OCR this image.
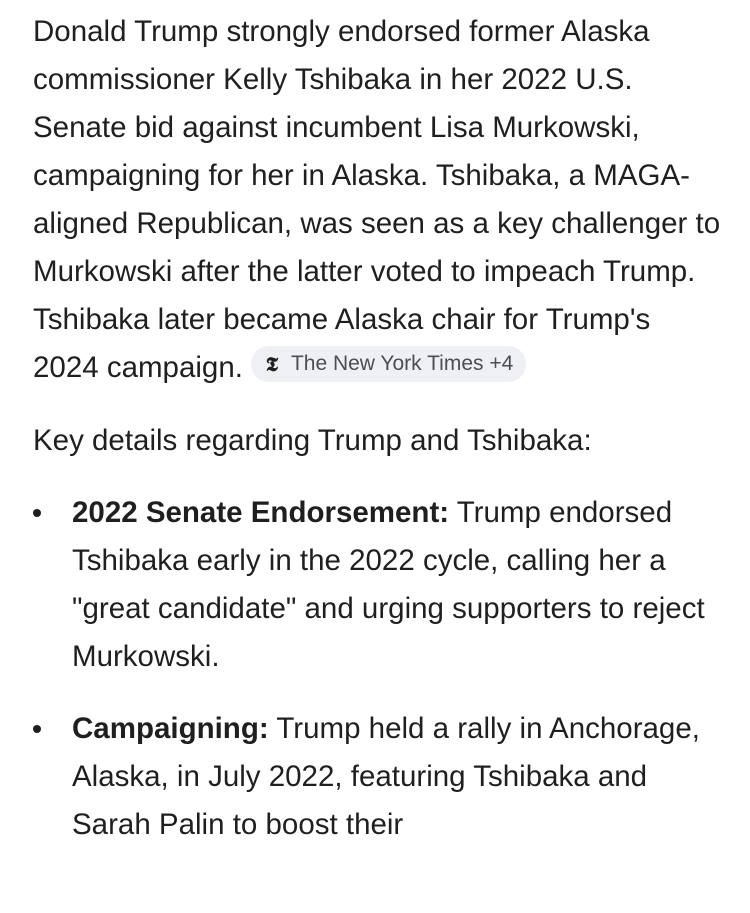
Donald Trump strongly endorsed former Alaska commissioner Kelly Tshibaka in her 2022 U.S. Senate bid against incumbent Lisa Murkowski, campaigning for her in Alaska. Tshibaka, a MAGA-aligned Republican, was seen as a key challenger to Murkowski after the latter voted to impeach Trump. Tshibaka later became Alaska chair for Trump's 2024 campaign. 𝕿 The New York Times +4

Key details regarding Trump and Tshibaka:

2022 Senate Endorsement: Trump endorsed Tshibaka early in the 2022 cycle, calling her a "great candidate" and urging supporters to reject Murkowski.
Campaigning: Trump held a rally in Anchorage, Alaska, in July 2022, featuring Tshibaka and Sarah Palin to boost their
